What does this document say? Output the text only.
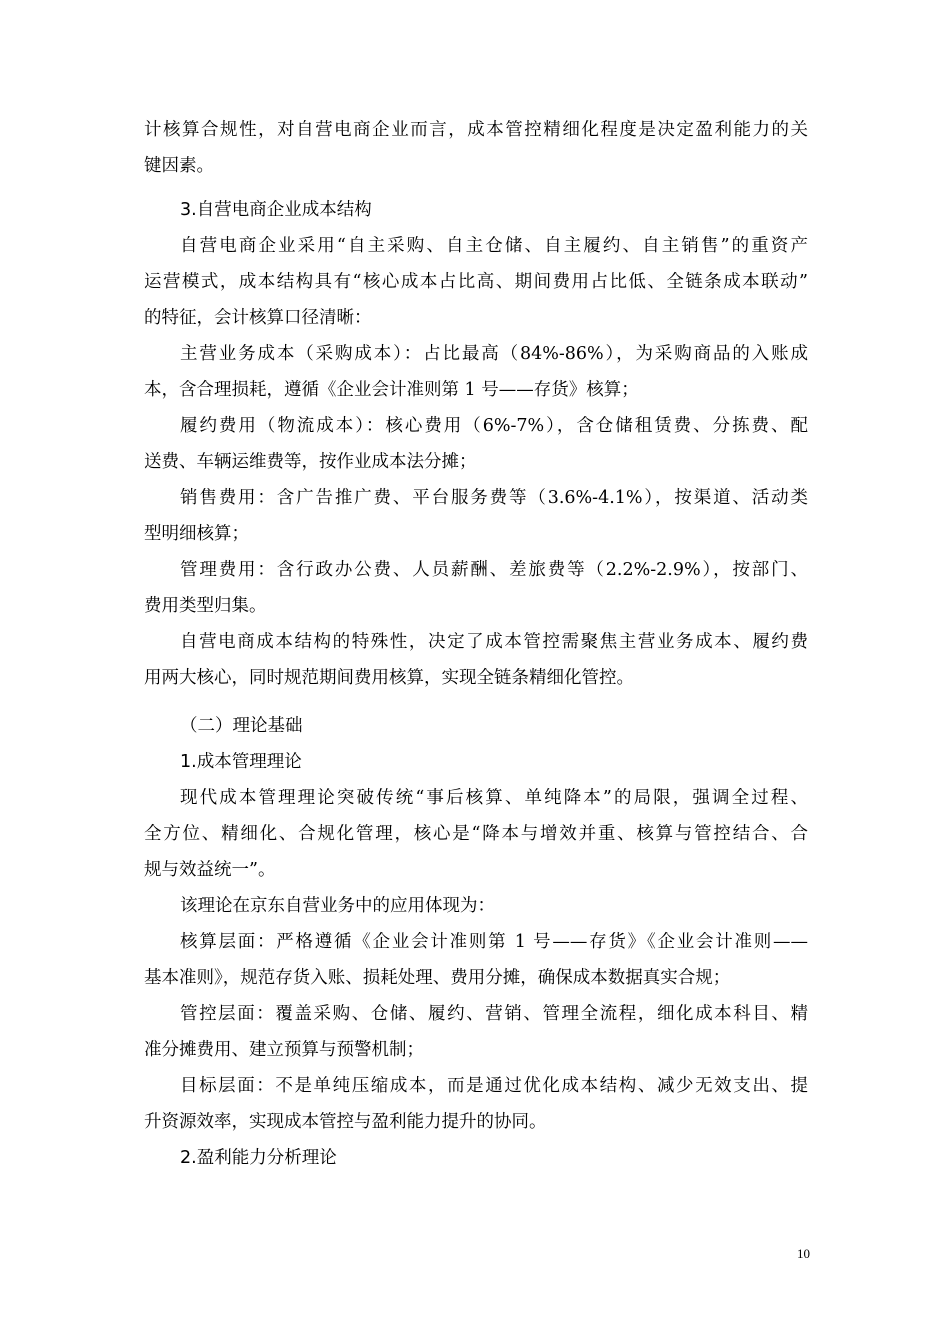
计核算合规性，对自营电商企业而言，成本管控精细化程度是决定盈利能力的关
键因素。
3.自营电商企业成本结构
自营电商企业采用“自主采购、自主仓储、自主履约、自主销售”的重资产
运营模式，成本结构具有“核心成本占比高、期间费用占比低、全链条成本联动”
的特征，会计核算口径清晰：
主营业务成本（采购成本）：占比最高（84%-86%），为采购商品的入账成
本，含合理损耗，遵循《企业会计准则第 1 号——存货》核算；
履约费用（物流成本）：核心费用（6%-7%），含仓储租赁费、分拣费、配
送费、车辆运维费等，按作业成本法分摊；
销售费用：含广告推广费、平台服务费等（3.6%-4.1%），按渠道、活动类
型明细核算；
管理费用：含行政办公费、人员薪酬、差旅费等（2.2%-2.9%），按部门、
费用类型归集。
自营电商成本结构的特殊性，决定了成本管控需聚焦主营业务成本、履约费
用两大核心，同时规范期间费用核算，实现全链条精细化管控。
（二）理论基础
1.成本管理理论
现代成本管理理论突破传统“事后核算、单纯降本”的局限，强调全过程、
全方位、精细化、合规化管理，核心是“降本与增效并重、核算与管控结合、合
规与效益统一”。
该理论在京东自营业务中的应用体现为：
核算层面：严格遵循《企业会计准则第 1 号——存货》《企业会计准则——
基本准则》，规范存货入账、损耗处理、费用分摊，确保成本数据真实合规；
管控层面：覆盖采购、仓储、履约、营销、管理全流程，细化成本科目、精
准分摊费用、建立预算与预警机制；
目标层面：不是单纯压缩成本，而是通过优化成本结构、减少无效支出、提
升资源效率，实现成本管控与盈利能力提升的协同。
2.盈利能力分析理论
10
